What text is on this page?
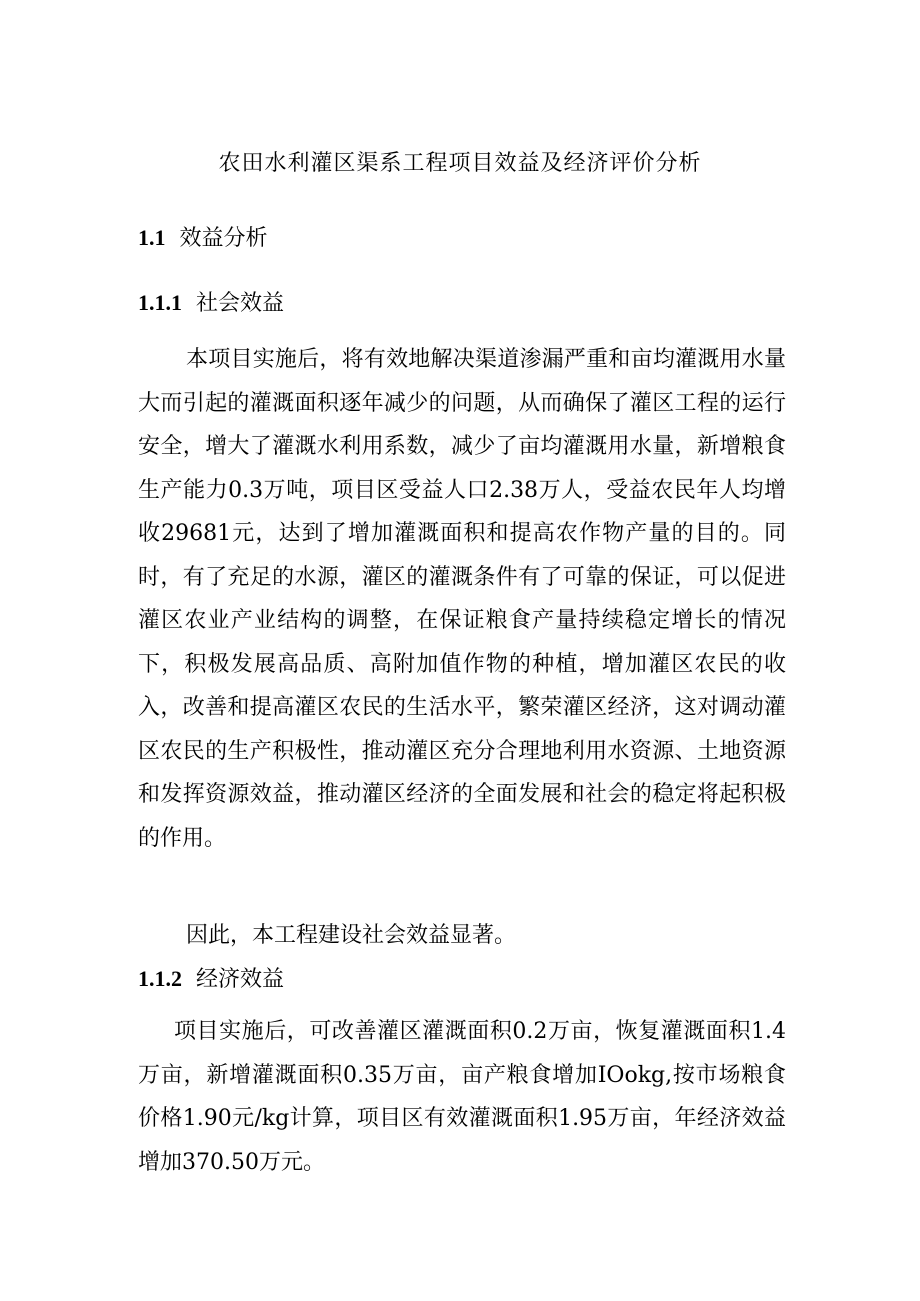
农田水利灌区渠系工程项目效益及经济评价分析
1.1 效益分析
1.1.1 社会效益

本项目实施后，将有效地解决渠道渗漏严重和亩均灌溉用水量大而引起的灌溉面积逐年减少的问题，从而确保了灌区工程的运行安全，增大了灌溉水利用系数，减少了亩均灌溉用水量，新增粮食生产能力0.3万吨，项目区受益人口2.38万人，受益农民年人均增收29681元，达到了增加灌溉面积和提高农作物产量的目的。同时，有了充足的水源，灌区的灌溉条件有了可靠的保证，可以促进灌区农业产业结构的调整，在保证粮食产量持续稳定增长的情况下，积极发展高品质、高附加值作物的种植，增加灌区农民的收入，改善和提高灌区农民的生活水平，繁荣灌区经济，这对调动灌区农民的生产积极性，推动灌区充分合理地利用水资源、土地资源和发挥资源效益，推动灌区经济的全面发展和社会的稳定将起积极的作用。

因此，本工程建设社会效益显著。

1.1.2 经济效益

项目实施后，可改善灌区灌溉面积0.2万亩，恢复灌溉面积1.4万亩，新增灌溉面积0.35万亩，亩产粮食增加IOokg,按市场粮食价格1.90元/kg计算，项目区有效灌溉面积1.95万亩，年经济效益增加370.50万元。
